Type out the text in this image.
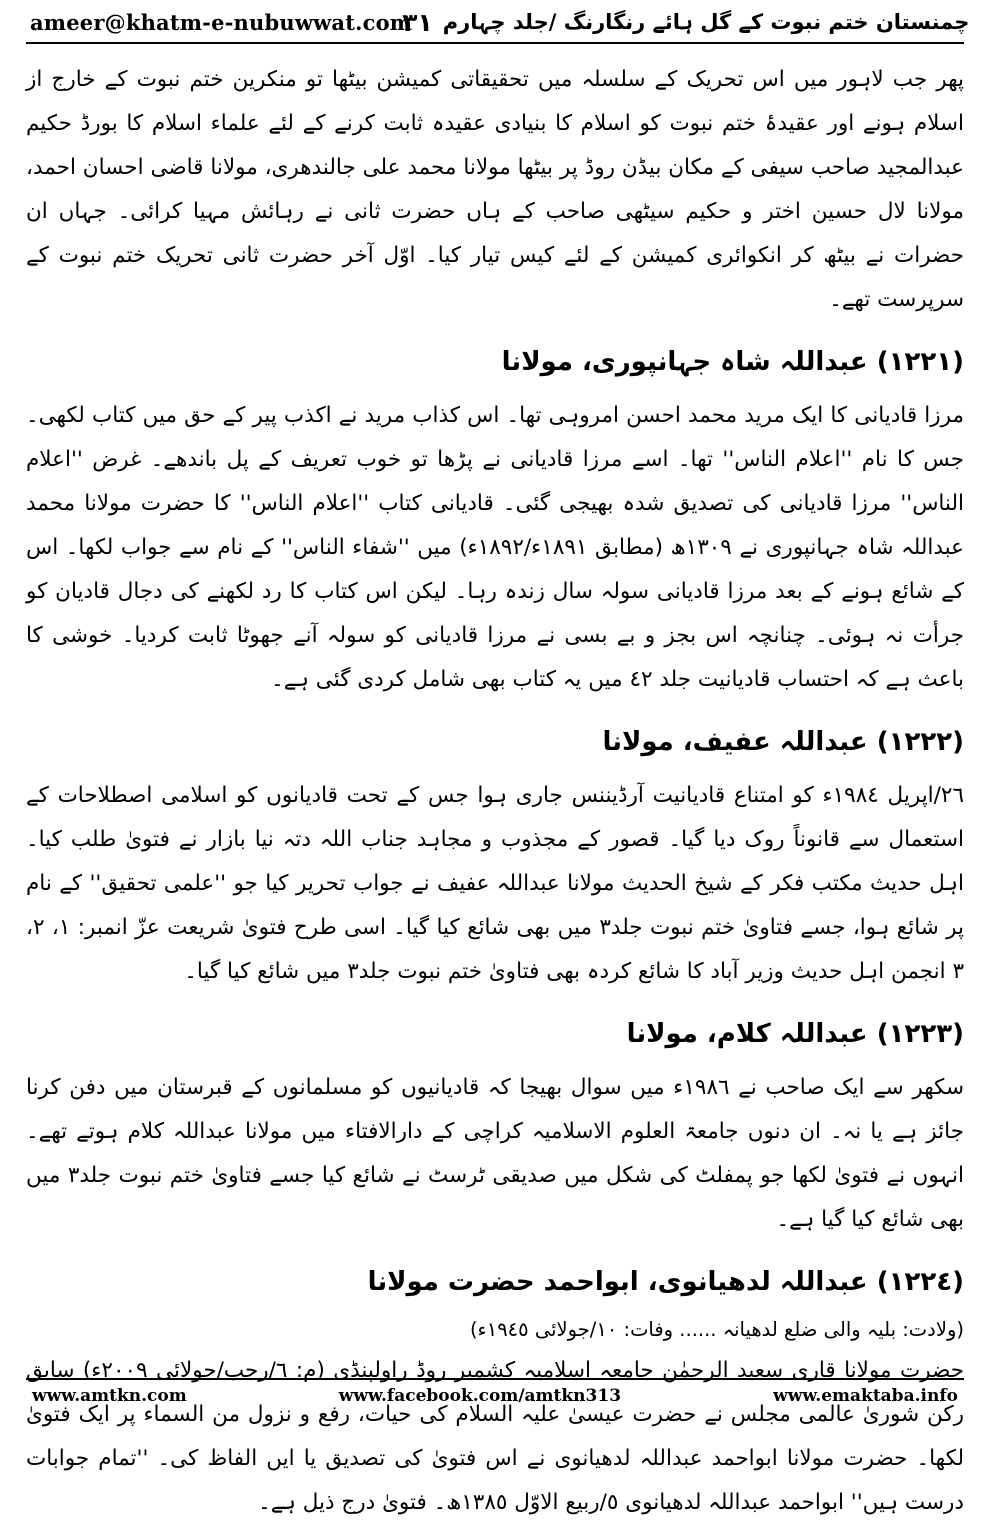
ameer@khatm-e-nubuwwat.com
٣١ چمنستان ختم نبوت کے گل ہائے رنگارنگ /جلد چہارم

پھر جب لاہور میں اس تحریک کے سلسلہ میں تحقیقاتی کمیشن بیٹھا تو منکرین ختم نبوت کے خارج از اسلام ہونے اور عقیدۂ ختم نبوت کو اسلام کا بنیادی عقیدہ ثابت کرنے کے لئے علماء اسلام کا بورڈ حکیم عبدالمجید صاحب سیفی کے مکان بیڈن روڈ پر بیٹھا مولانا محمد علی جالندھری، مولانا قاضی احسان احمد، مولانا لال حسین اختر و حکیم سیٹھی صاحب کے ہاں حضرت ثانی نے رہائش مہیا کرائی۔ جہاں ان حضرات نے بیٹھ کر انکوائری کمیشن کے لئے کیس تیار کیا۔ اوّل آخر حضرت ثانی تحریک ختم نبوت کے سرپرست تھے۔

(١٢٢١) عبداللہ شاہ جہانپوری، مولانا

مرزا قادیانی کا ایک مرید محمد احسن امروہی تھا۔ اس کذاب مرید نے اکذب پیر کے حق میں کتاب لکھی۔ جس کا نام ''اعلام الناس'' تھا۔ اسے مرزا قادیانی نے پڑھا تو خوب تعریف کے پل باندھے۔ غرض ''اعلام الناس'' مرزا قادیانی کی تصدیق شدہ بھیجی گئی۔ قادیانی کتاب ''اعلام الناس'' کا حضرت مولانا محمد عبداللہ شاہ جہانپوری نے ١٣٠٩ھ (مطابق ١٨٩١ء/١٨٩٢ء) میں ''شفاء الناس'' کے نام سے جواب لکھا۔ اس کے شائع ہونے کے بعد مرزا قادیانی سولہ سال زندہ رہا۔ لیکن اس کتاب کا رد لکھنے کی دجال قادیان کو جرأت نہ ہوئی۔ چنانچہ اس بجز و بے بسی نے مرزا قادیانی کو سولہ آنے جھوٹا ثابت کردیا۔ خوشی کا باعث ہے کہ احتساب قادیانیت جلد ٤٢ میں یہ کتاب بھی شامل کردی گئی ہے۔

(١٢٢٢) عبداللہ عفیف، مولانا

٢٦/اپریل ١٩٨٤ء کو امتناع قادیانیت آرڈیننس جاری ہوا جس کے تحت قادیانوں کو اسلامی اصطلاحات کے استعمال سے قانوناً روک دیا گیا۔ قصور کے مجذوب و مجاہد جناب اللہ دتہ نیا بازار نے فتویٰ طلب کیا۔ اہل حدیث مکتب فکر کے شیخ الحدیث مولانا عبداللہ عفیف نے جواب تحریر کیا جو ''علمی تحقیق'' کے نام پر شائع ہوا، جسے فتاویٰ ختم نبوت جلد٣ میں بھی شائع کیا گیا۔ اسی طرح فتویٰ شریعت عزّ انمبر: ١، ٢، ٣ انجمن اہل حدیث وزیر آباد کا شائع کردہ بھی فتاویٰ ختم نبوت جلد٣ میں شائع کیا گیا۔

(١٢٢٣) عبداللہ کلام، مولانا

سکھر سے ایک صاحب نے ١٩٨٦ء میں سوال بھیجا کہ قادیانیوں کو مسلمانوں کے قبرستان میں دفن کرنا جائز ہے یا نہ۔ ان دنوں جامعۃ العلوم الاسلامیہ کراچی کے دارالافتاء میں مولانا عبداللہ کلام ہوتے تھے۔ انہوں نے فتویٰ لکھا جو پمفلٹ کی شکل میں صدیقی ٹرسٹ نے شائع کیا جسے فتاویٰ ختم نبوت جلد٣ میں بھی شائع کیا گیا ہے۔

(١٢٢٤) عبداللہ لدھیانوی، ابواحمد حضرت مولانا
(ولادت: بلیہ والی ضلع لدھیانہ ...... وفات: ١٠/جولائی ١٩٤٥ء)

حضرت مولانا قاری سعید الرحمٰن جامعہ اسلامیہ کشمیر روڈ راولپنڈی (م: ٦/رجب/جولائی ٢٠٠٩ء) سابق رکن شوریٰ عالمی مجلس نے حضرت عیسیٰ علیہ السلام کی حیات، رفع و نزول من السماء پر ایک فتویٰ لکھا۔ حضرت مولانا ابواحمد عبداللہ لدھیانوی نے اس فتویٰ کی تصدیق یا ایں الفاظ کی۔ ''تمام جوابات درست ہیں'' ابواحمد عبداللہ لدھیانوی ٥/ربیع الاوّل ١٣٨٥ھ۔ فتویٰ درج ذیل ہے۔

www.amtkn.com	www.facebook.com/amtkn313	www.emaktaba.info
